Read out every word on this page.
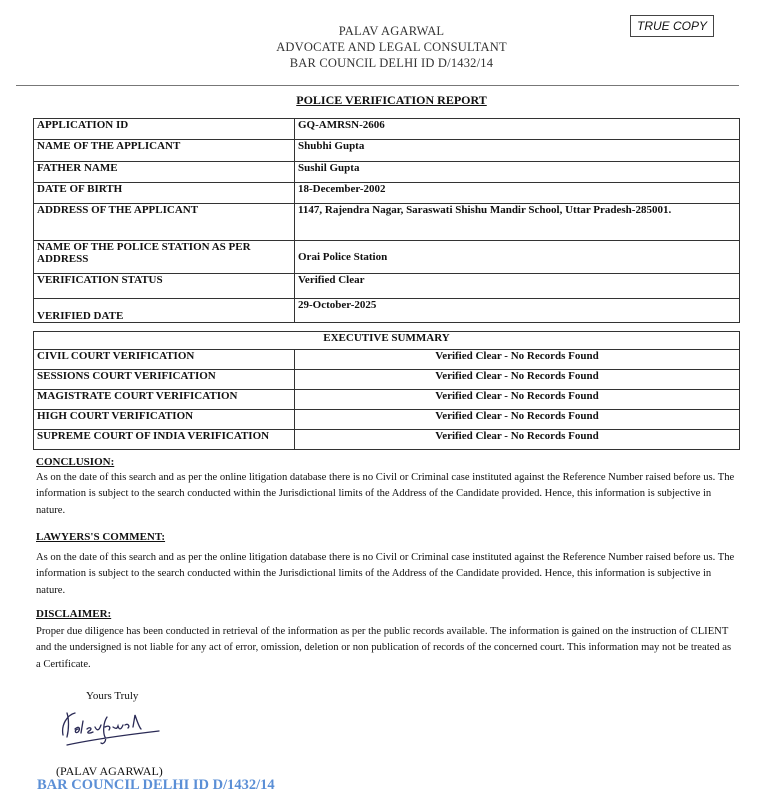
PALAV AGARWAL
ADVOCATE AND LEGAL CONSULTANT
BAR COUNCIL DELHI ID D/1432/14
TRUE COPY
POLICE VERIFICATION REPORT
APPLICATION ID	GQ-AMRSN-2606
NAME OF THE APPLICANT	Shubhi Gupta
FATHER NAME	Sushil Gupta
DATE OF BIRTH	18-December-2002
ADDRESS OF THE APPLICANT	1147, Rajendra Nagar, Saraswati Shishu Mandir School, Uttar Pradesh-285001.
NAME OF THE POLICE STATION AS PER ADDRESS	Orai Police Station
VERIFICATION STATUS	Verified Clear
VERIFIED DATE	29-October-2025
EXECUTIVE SUMMARY	
CIVIL COURT VERIFICATION	Verified Clear - No Records Found
SESSIONS COURT VERIFICATION	Verified Clear - No Records Found
MAGISTRATE COURT VERIFICATION	Verified Clear - No Records Found
HIGH COURT VERIFICATION	Verified Clear - No Records Found
SUPREME COURT OF INDIA VERIFICATION	Verified Clear - No Records Found
CONCLUSION:
As on the date of this search and as per the online litigation database there is no Civil or Criminal case instituted against the Reference Number raised before us. The information is subject to the search conducted within the Jurisdictional limits of the Address of the Candidate provided. Hence, this information is subjective in nature.
LAWYERS'S COMMENT:
As on the date of this search and as per the online litigation database there is no Civil or Criminal case instituted against the Reference Number raised before us. The information is subject to the search conducted within the Jurisdictional limits of the Address of the Candidate provided. Hence, this information is subjective in nature.
DISCLAIMER:
Proper due diligence has been conducted in retrieval of the information as per the public records available. The information is gained on the instruction of CLIENT and the undersigned is not liable for any act of error, omission, deletion or non publication of records of the concerned court. This information may not be treated as a Certificate.
Yours Truly
(PALAV AGARWAL)
BAR COUNCIL DELHI ID D/1432/14
